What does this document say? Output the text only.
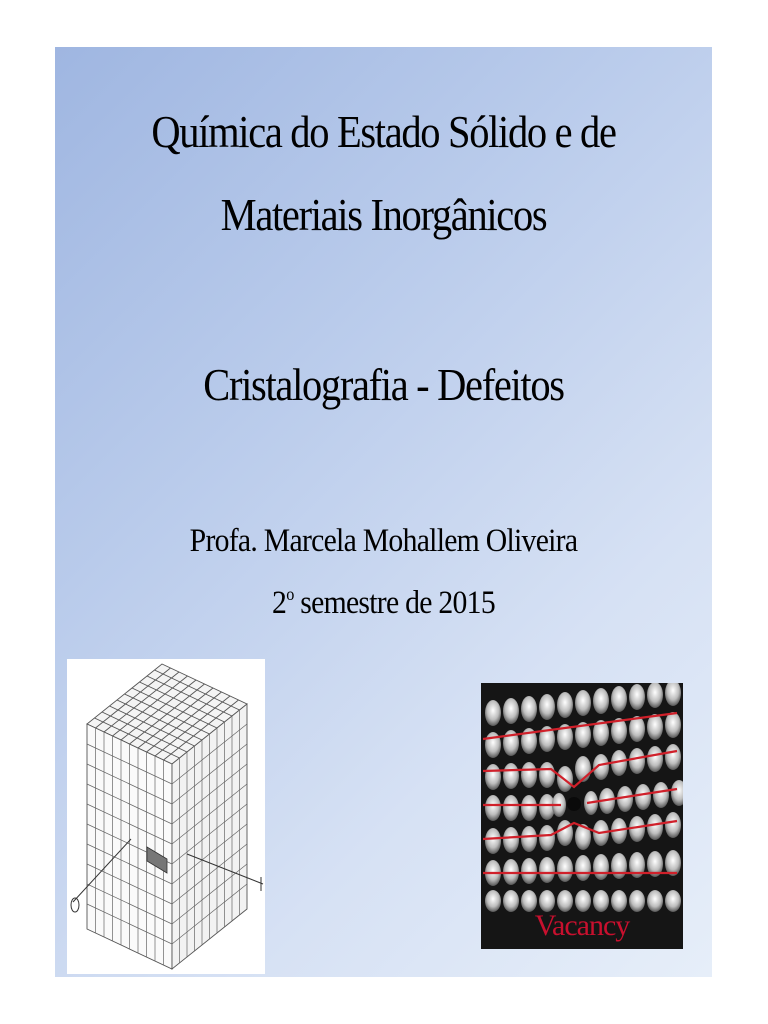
Química do Estado Sólido e de
Materiais Inorgânicos
Cristalografia - Defeitos
Profa. Marcela Mohallem Oliveira
2$^o$ semestre de 2015
Vacancy
